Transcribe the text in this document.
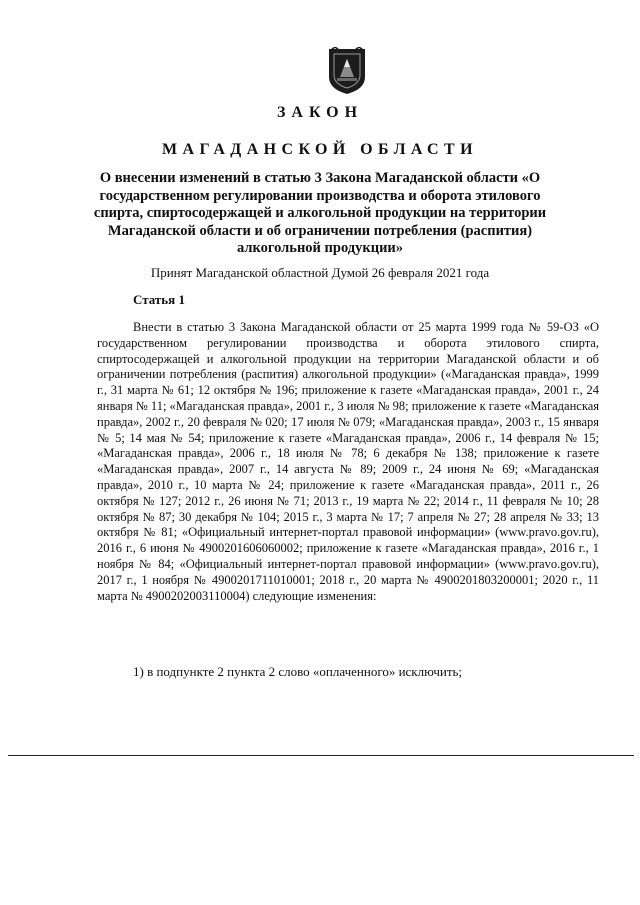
ЗАКОН
МАГАДАНСКОЙ ОБЛАСТИ
О внесении изменений в статью 3 Закона Магаданской области «О государственном регулировании производства и оборота этилового спирта, спиртосодержащей и алкогольной продукции на территории Магаданской области и об ограничении потребления (распития) алкогольной продукции»
Принят Магаданской областной Думой 26 февраля 2021 года
Статья 1

Внести в статью 3 Закона Магаданской области от 25 марта 1999 года № 59-ОЗ «О государственном регулировании производства и оборота этилового спирта, спиртосодержащей и алкогольной продукции на территории Магаданской области и об ограничении потребления (распития) алкогольной продукции» («Магаданская правда», 1999 г., 31 марта № 61; 12 октября № 196; приложение к газете «Магаданская правда», 2001 г., 24 января № 11; «Магаданская правда», 2001 г., 3 июля № 98; приложение к газете «Магаданская правда», 2002 г., 20 февраля № 020; 17 июля № 079; «Магаданская правда», 2003 г., 15 января № 5; 14 мая № 54; приложение к газете «Магаданская правда», 2006 г., 14 февраля № 15; «Магаданская правда», 2006 г., 18 июля № 78; 6 декабря № 138; приложение к газете «Магаданская правда», 2007 г., 14 августа № 89; 2009 г., 24 июня № 69; «Магаданская правда», 2010 г., 10 марта № 24; приложение к газете «Магаданская правда», 2011 г., 26 октября № 127; 2012 г., 26 июня № 71; 2013 г., 19 марта № 22; 2014 г., 11 февраля № 10; 28 октября № 87; 30 декабря № 104; 2015 г., 3 марта № 17; 7 апреля № 27; 28 апреля № 33; 13 октября № 81; «Официальный интернет-портал правовой информации» (www.pravo.gov.ru), 2016 г., 6 июня № 4900201606060002; приложение к газете «Магаданская правда», 2016 г., 1 ноября № 84; «Официальный интернет-портал правовой информации» (www.pravo.gov.ru), 2017 г., 1 ноября № 4900201711010001; 2018 г., 20 марта № 4900201803200001; 2020 г., 11 марта № 4900202003110004) следующие изменения:

1) в подпункте 2 пункта 2 слово «оплаченного» исключить;
